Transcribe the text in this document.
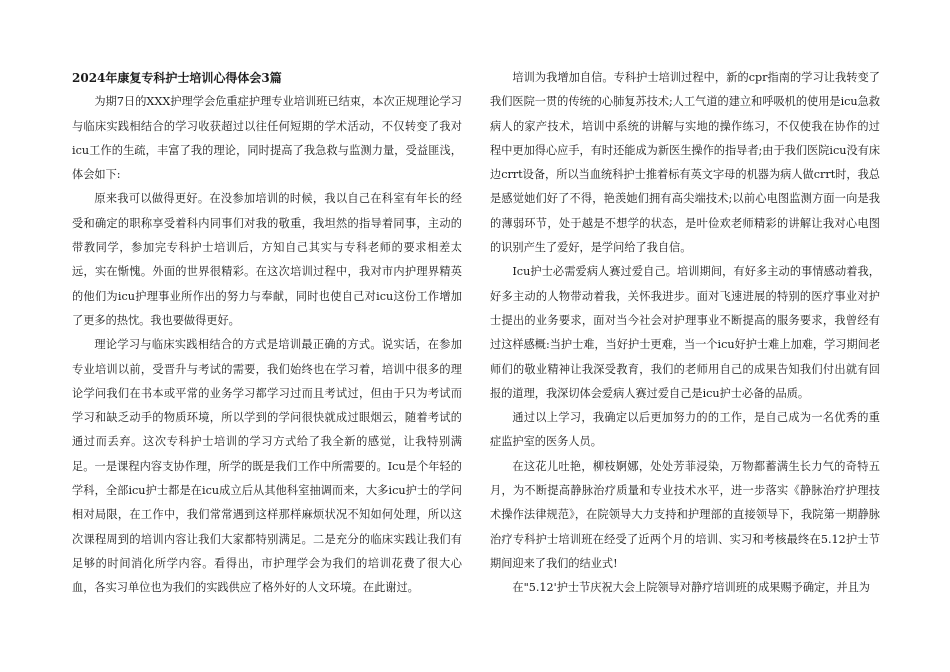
2024年康复专科护士培训心得体会3篇

为期7日的XXX护理学会危重症护理专业培训班已结束，本次正规理论学习与临床实践相结合的学习收获超过以往任何短期的学术活动，不仅转变了我对icu工作的生疏，丰富了我的理论，同时提高了我急救与监测力量，受益匪浅，体会如下:

原来我可以做得更好。在没参加培训的时候，我以自己在科室有年长的经受和确定的职称享受着科内同事们对我的敬重，我坦然的指导着同事，主动的带教同学，参加完专科护士培训后，方知自己其实与专科老师的要求相差太远，实在惭愧。外面的世界很精彩。在这次培训过程中，我对市内护理界精英的他们为icu护理事业所作出的努力与奉献，同时也使自己对icu这份工作增加了更多的热忱。我也要做得更好。

理论学习与临床实践相结合的方式是培训最正确的方式。说实话，在参加专业培训以前，受晋升与考试的需要，我们始终也在学习着，培训中很多的理论学问我们在书本或平常的业务学习都学习过而且考试过，但由于只为考试而学习和缺乏动手的物质环境，所以学到的学问很快就成过眼烟云，随着考试的通过而丢弃。这次专科护士培训的学习方式给了我全新的感觉，让我特别满足。一是课程内容支协作理，所学的既是我们工作中所需要的。Icu是个年轻的学科，全部icu护士都是在icu成立后从其他科室抽调而来，大多icu护士的学问相对局限，在工作中，我们常常遇到这样那样麻烦状况不知如何处理，所以这次课程周到的培训内容让我们大家都特别满足。二是充分的临床实践让我们有足够的时间消化所学内容。看得出，市护理学会为我们的培训花费了很大心血，各实习单位也为我们的实践供应了格外好的人文环境。在此谢过。

培训为我增加自信。专科护士培训过程中，新的cpr指南的学习让我转变了我们医院一贯的传统的心肺复苏技术;人工气道的建立和呼吸机的使用是icu急救病人的家产技术，培训中系统的讲解与实地的操作练习，不仅使我在协作的过程中更加得心应手，有时还能成为新医生操作的指导者;由于我们医院icu没有床边crrt设备，所以当血统科护士推着标有英文字母的机器为病人做crrt时，我总是感觉她们好了不得，艳羡她们拥有高尖端技术;以前心电图监测方面一向是我的薄弱环节，处于越是不想学的状态，是叶俭欢老师精彩的讲解让我对心电图的识别产生了爱好，是学问给了我自信。

Icu护士必需爱病人赛过爱自己。培训期间，有好多主动的事情感动着我，好多主动的人物带动着我，关怀我进步。面对飞速进展的特别的医疗事业对护士提出的业务要求，面对当今社会对护理事业不断提高的服务要求，我曾经有过这样感概:当护士难，当好护士更难，当一个icu好护士难上加难，学习期间老师们的敬业精神让我深受教育，我们的老师用自己的成果告知我们付出就有回报的道理，我深切体会爱病人赛过爱自己是icu护士必备的品质。

通过以上学习，我确定以后更加努力的的工作，是自己成为一名优秀的重症监护室的医务人员。

在这花儿吐艳，柳枝婀娜，处处芳菲浸染，万物都蓄满生长力气的奇特五月，为不断提高静脉治疗质量和专业技术水平，进一步落实《静脉治疗护理技术操作法律规范》，在院领导大力支持和护理部的直接领导下，我院第一期静脉治疗专科护士培训班在经受了近两个月的培训、实习和考核最终在5.12护士节期间迎来了我们的结业式!

在"5.12'护士节庆祝大会上院领导对静疗培训班的成果赐予确定，并且为
